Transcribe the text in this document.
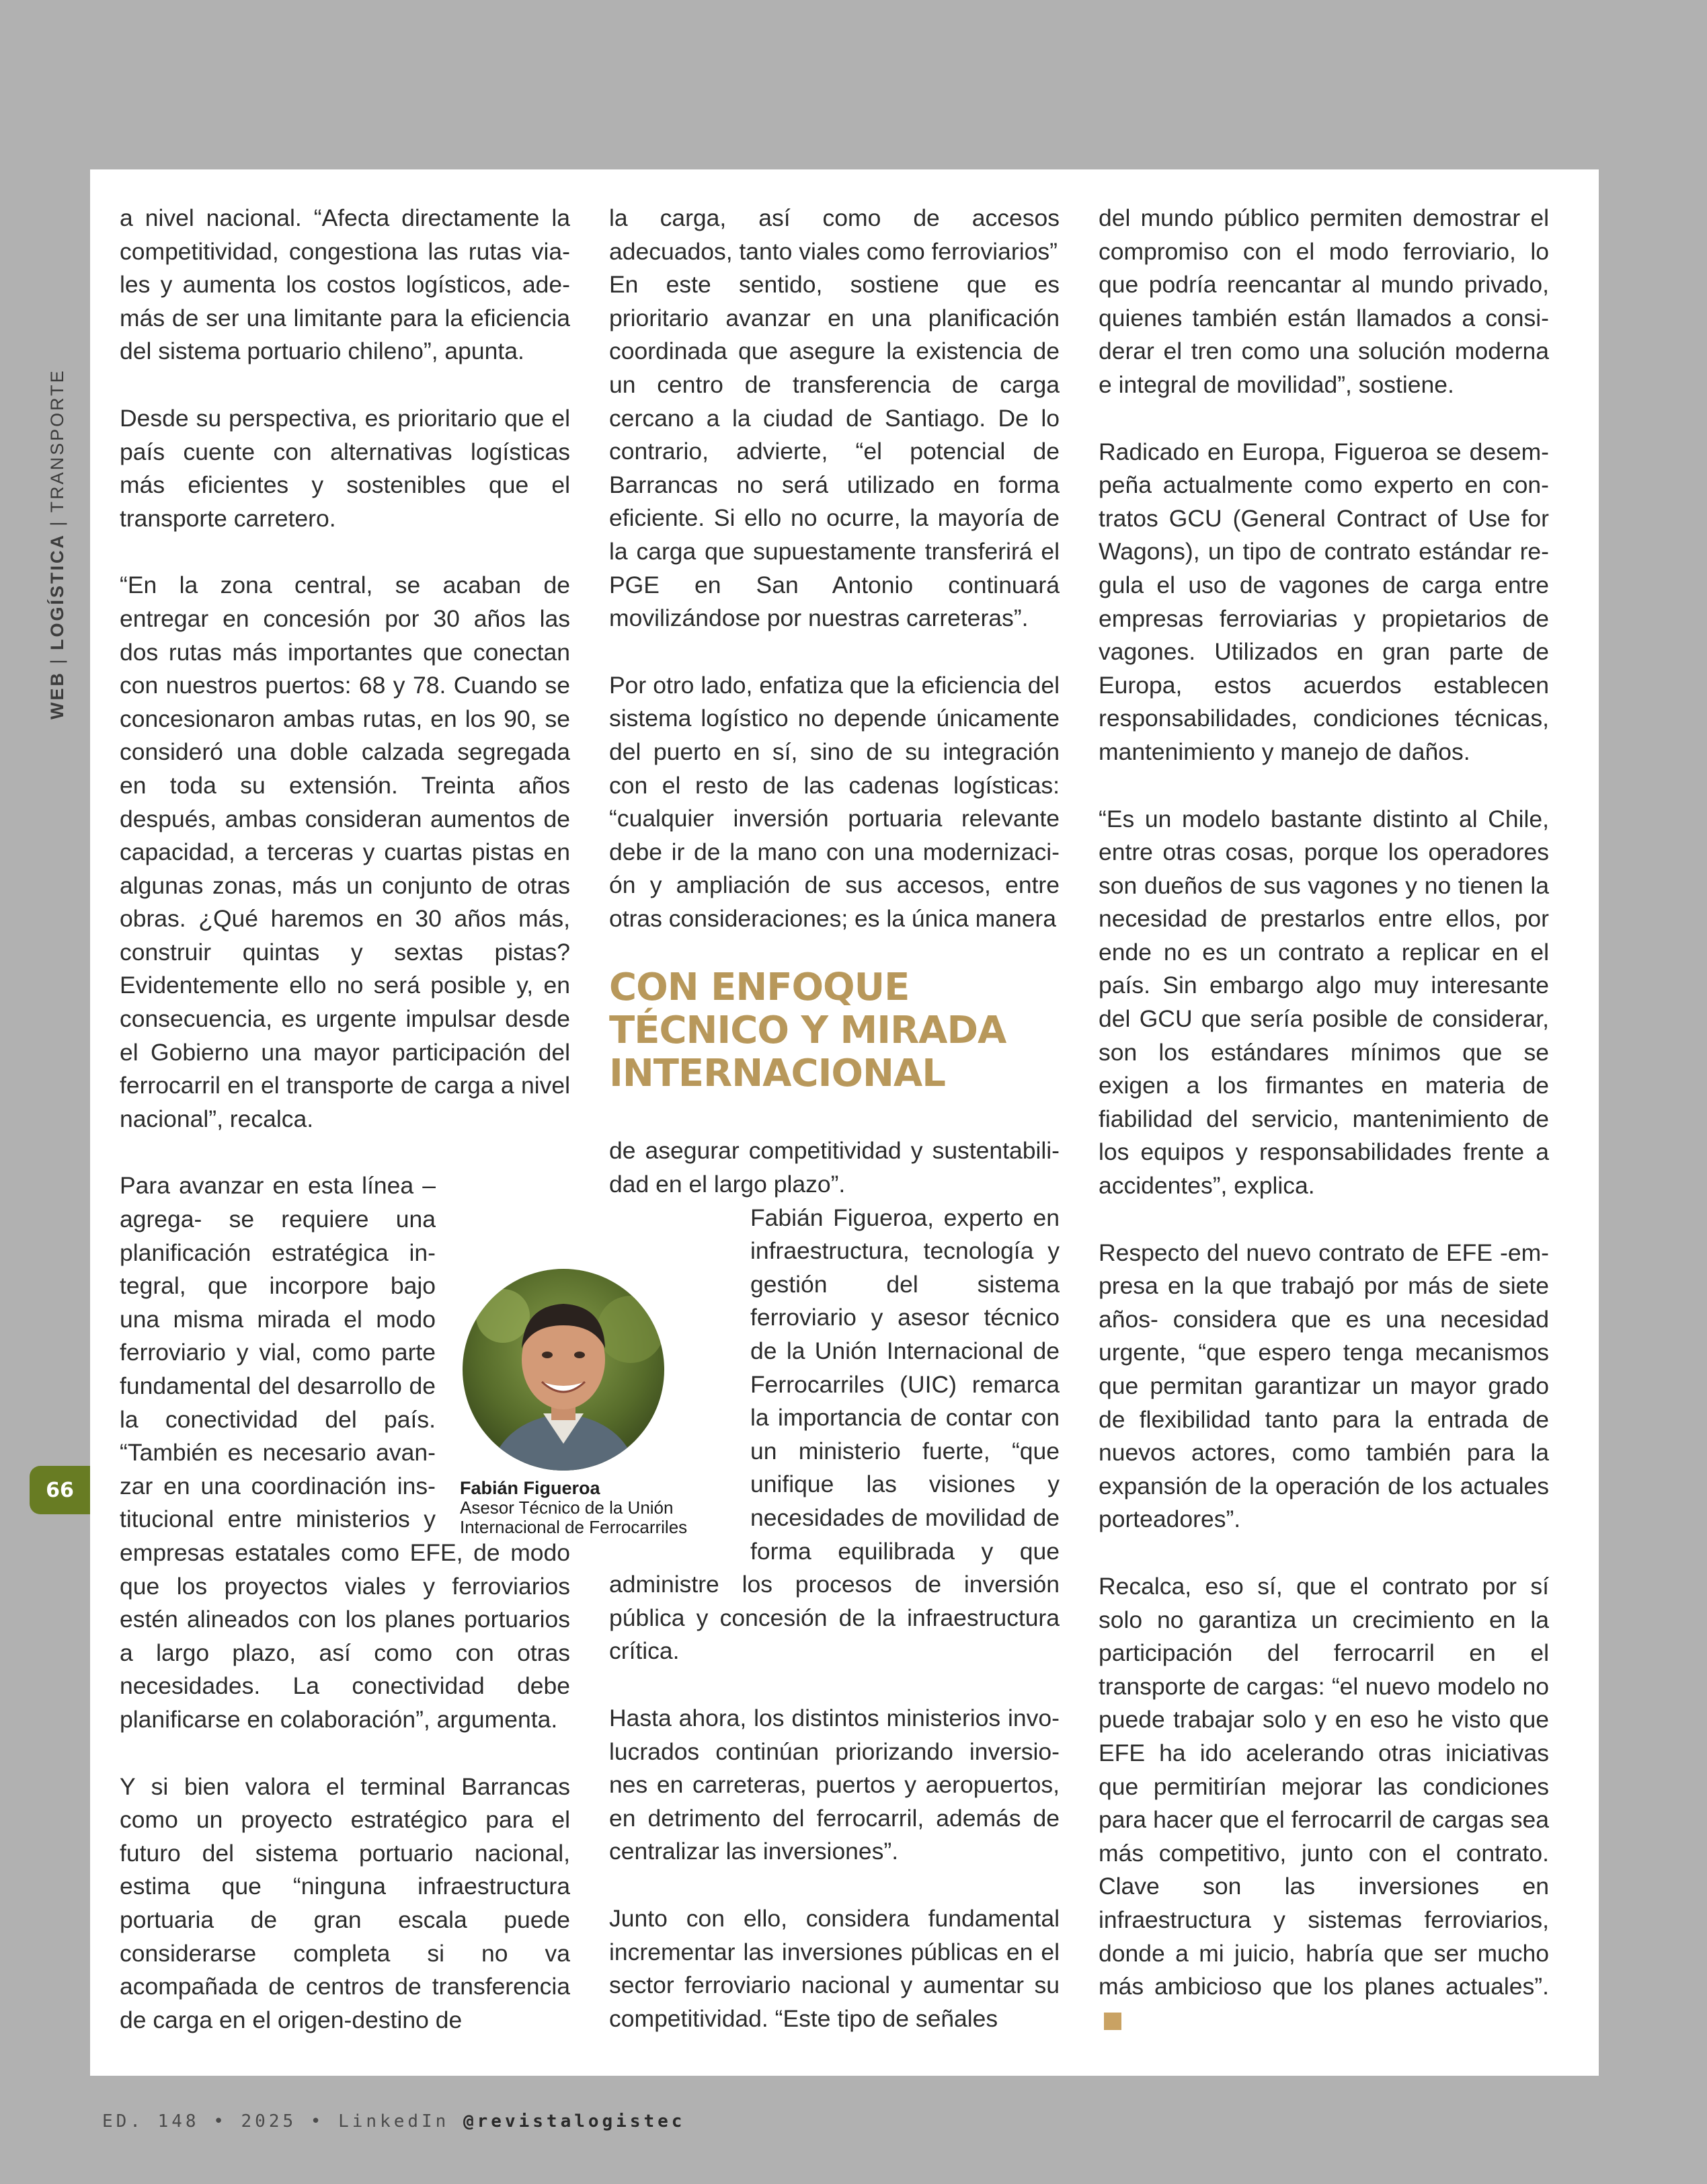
WEB | LOGÍSTICA | TRANSPORTE
66

a nivel nacional. “Afecta directamente la competitividad, congestiona las rutas viales y aumenta los costos logísticos, además de ser una limitante para la eficiencia del sistema portuario chileno”, apunta.

Desde su perspectiva, es prioritario que el país cuente con alternativas logísticas más eficientes y sostenibles que el transporte carretero.

“En la zona central, se acaban de entregar en concesión por 30 años las dos rutas más importantes que conectan con nuestros puertos: 68 y 78. Cuando se concesionaron ambas rutas, en los 90, se consideró una doble calzada segregada en toda su extensión. Treinta años después, ambas consideran aumentos de capacidad, a terceras y cuartas pistas en algunas zonas, más un conjunto de otras obras. ¿Qué haremos en 30 años más, construir quintas y sextas pistas? Evidentemente ello no será posible y, en consecuencia, es urgente impulsar desde el Gobierno una mayor participación del ferrocarril en el transporte de carga a nivel nacional”, recalca.

Para avanzar en esta línea –agrega- se requiere una planificación estratégica integral, que incorpore bajo una misma mirada el modo ferroviario y vial, como parte fundamental del desarrollo de la conectividad del país. “También es necesario avanzar en una coordinación institucional entre ministerios y empresas estatales como EFE, de modo que los proyectos viales y ferroviarios estén alineados con los planes portuarios a largo plazo, así como con otras necesidades. La conectividad debe planificarse en colaboración”, argumenta.

Y si bien valora el terminal Barrancas como un proyecto estratégico para el futuro del sistema portuario nacional, estima que “ninguna infraestructura portuaria de gran escala puede considerarse completa si no va acompañada de centros de transferencia de carga en el origen-destino de

la carga, así como de accesos adecuados, tanto viales como ferroviarios”

En este sentido, sostiene que es prioritario avanzar en una planificación coordinada que asegure la existencia de un centro de transferencia de carga cercano a la ciudad de Santiago. De lo contrario, advierte, “el potencial de Barrancas no será utilizado en forma eficiente. Si ello no ocurre, la mayoría de la carga que supuestamente transferirá el PGE en San Antonio continuará movilizándose por nuestras carreteras”.

Por otro lado, enfatiza que la eficiencia del sistema logístico no depende únicamente del puerto en sí, sino de su integración con el resto de las cadenas logísticas: “cualquier inversión portuaria relevante debe ir de la mano con una modernización y ampliación de sus accesos, entre otras consideraciones; es la única manera

CON ENFOQUE TÉCNICO Y MIRADA INTERNACIONAL

de asegurar competitividad y sustentabilidad en el largo plazo”.

Fabián Figueroa, experto en infraestructura, tecnología y gestión del sistema ferroviario y asesor técnico de la Unión Internacional de Ferrocarriles (UIC) remarca la importancia de contar con un ministerio fuerte, “que unifique las visiones y necesidades de movilidad de forma equilibrada y que administre los procesos de inversión pública y concesión de la infraestructura crítica.

Hasta ahora, los distintos ministerios involucrados continúan priorizando inversiones en carreteras, puertos y aeropuertos, en detrimento del ferrocarril, además de centralizar las inversiones”.

Junto con ello, considera fundamental incrementar las inversiones públicas en el sector ferroviario nacional y aumentar su competitividad. “Este tipo de señales

del mundo público permiten demostrar el compromiso con el modo ferroviario, lo que podría reencantar al mundo privado, quienes también están llamados a considerar el tren como una solución moderna e integral de movilidad”, sostiene.

Radicado en Europa, Figueroa se desempeña actualmente como experto en contratos GCU (General Contract of Use for Wagons), un tipo de contrato estándar regula el uso de vagones de carga entre empresas ferroviarias y propietarios de vagones. Utilizados en gran parte de Europa, estos acuerdos establecen responsabilidades, condiciones técnicas, mantenimiento y manejo de daños.

“Es un modelo bastante distinto al Chile, entre otras cosas, porque los operadores son dueños de sus vagones y no tienen la necesidad de prestarlos entre ellos, por ende no es un contrato a replicar en el país. Sin embargo algo muy interesante del GCU que sería posible de considerar, son los estándares mínimos que se exigen a los firmantes en materia de fiabilidad del servicio, mantenimiento de los equipos y responsabilidades frente a accidentes”, explica.

Respecto del nuevo contrato de EFE -empresa en la que trabajó por más de siete años- considera que es una necesidad urgente, “que espero tenga mecanismos que permitan garantizar un mayor grado de flexibilidad tanto para la entrada de nuevos actores, como también para la expansión de la operación de los actuales porteadores”.

Recalca, eso sí, que el contrato por sí solo no garantiza un crecimiento en la participación del ferrocarril en el transporte de cargas: “el nuevo modelo no puede trabajar solo y en eso he visto que EFE ha ido acelerando otras iniciativas que permitirían mejorar las condiciones para hacer que el ferrocarril de cargas sea más competitivo, junto con el contrato. Clave son las inversiones en infraestructura y sistemas ferroviarios, donde a mi juicio, habría que ser mucho más ambicioso que los planes actuales”.

Fabián Figueroa
Asesor Técnico de la Unión
Internacional de Ferrocarriles
ED. 148 • 2025 • LinkedIn @revistalogistec
